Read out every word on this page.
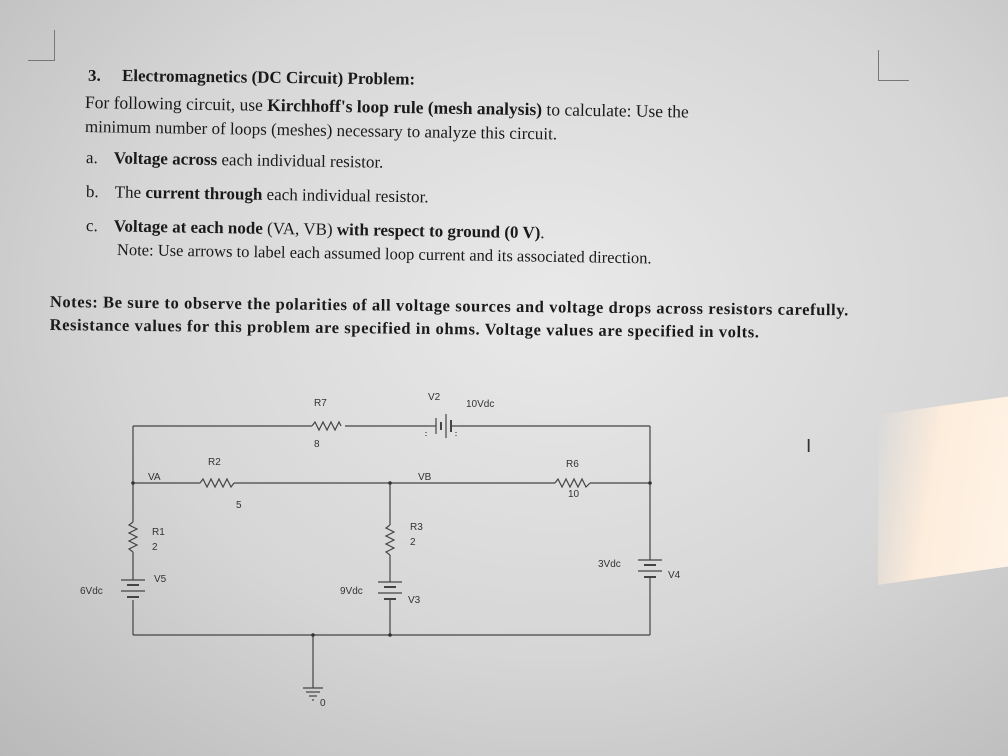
3. Electromagnetics (DC Circuit) Problem:
For following circuit, use Kirchhoff's loop rule (mesh analysis) to calculate: Use the
minimum number of loops (meshes) necessary to analyze this circuit.
a. Voltage across each individual resistor.
b. The current through each individual resistor.
c. Voltage at each node (VA, VB) with respect to ground (0 V).
Note: Use arrows to label each assumed loop current and its associated direction.
Notes: Be sure to observe the polarities of all voltage sources and voltage drops across resistors carefully. Resistance values for this problem are specified in ohms. Voltage values are specified in volts.
I
R7
8
V2
10Vdc
R2
5
R6
10
VA	VB
R1
2
R3
2
V5
6Vdc	9Vdc
V3
3Vdc
V4
0
